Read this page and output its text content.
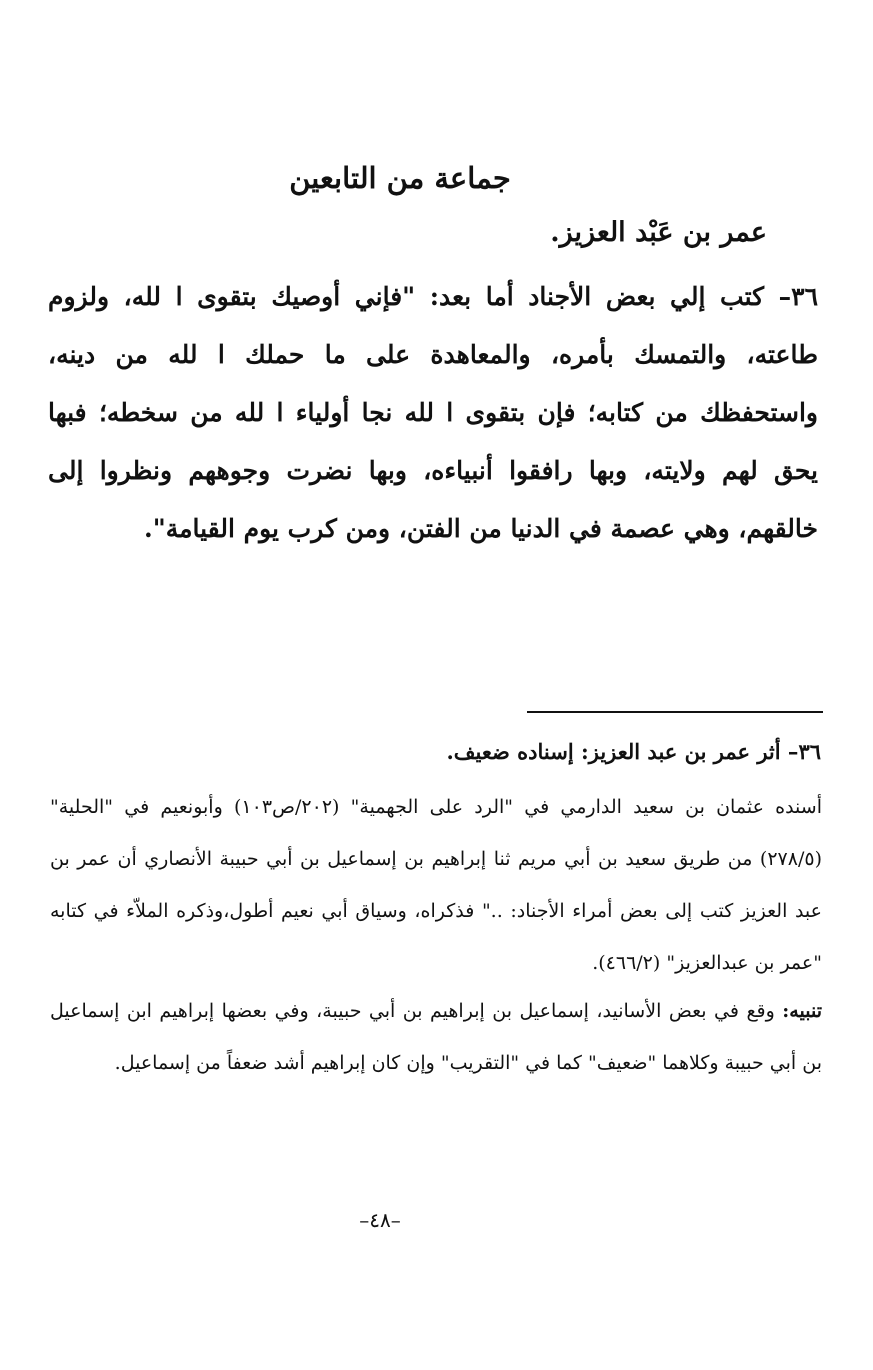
جماعة من التابعين
عمر بن عَبْد العزيز.

٣٦– كتب إلي بعض الأجناد أما بعد: "فإني أوصيك بتقوى ا لله، ولزوم طاعته، والتمسك بأمره، والمعاهدة على ما حملك ا لله من دينه، واستحفظك من كتابه؛ فإن بتقوى ا لله نجا أولياء ا لله من سخطه؛ فبها يحق لهم ولايته، وبها رافقوا أنبياءه، وبها نضرت وجوههم ونظروا إلى خالقهم، وهي عصمة في الدنيا من الفتن، ومن كرب يوم القيامة".

٣٦– أثر عمر بن عبد العزيز: إسناده ضعيف.

أسنده عثمان بن سعيد الدارمي في "الرد على الجهمية" (٢٠٢/ص١٠٣) وأبونعيم في "الحلية" (٢٧٨/٥) من طريق سعيد بن أبي مريم ثنا إبراهيم بن إسماعيل بن أبي حبيبة الأنصاري أن عمر بن عبد العزيز كتب إلى بعض أمراء الأجناد: .." فذكراه، وسياق أبي نعيم أطول،وذكره الملاّء في كتابه "عمر بن عبدالعزيز" (٤٦٦/٢).

تنبيه: وقع في بعض الأسانيد، إسماعيل بن إبراهيم بن أبي حبيبة، وفي بعضها إبراهيم ابن إسماعيل بن أبي حبيبة وكلاهما "ضعيف" كما في "التقريب" وإن كان إبراهيم أشد ضعفاً من إسماعيل.

–٤٨–
